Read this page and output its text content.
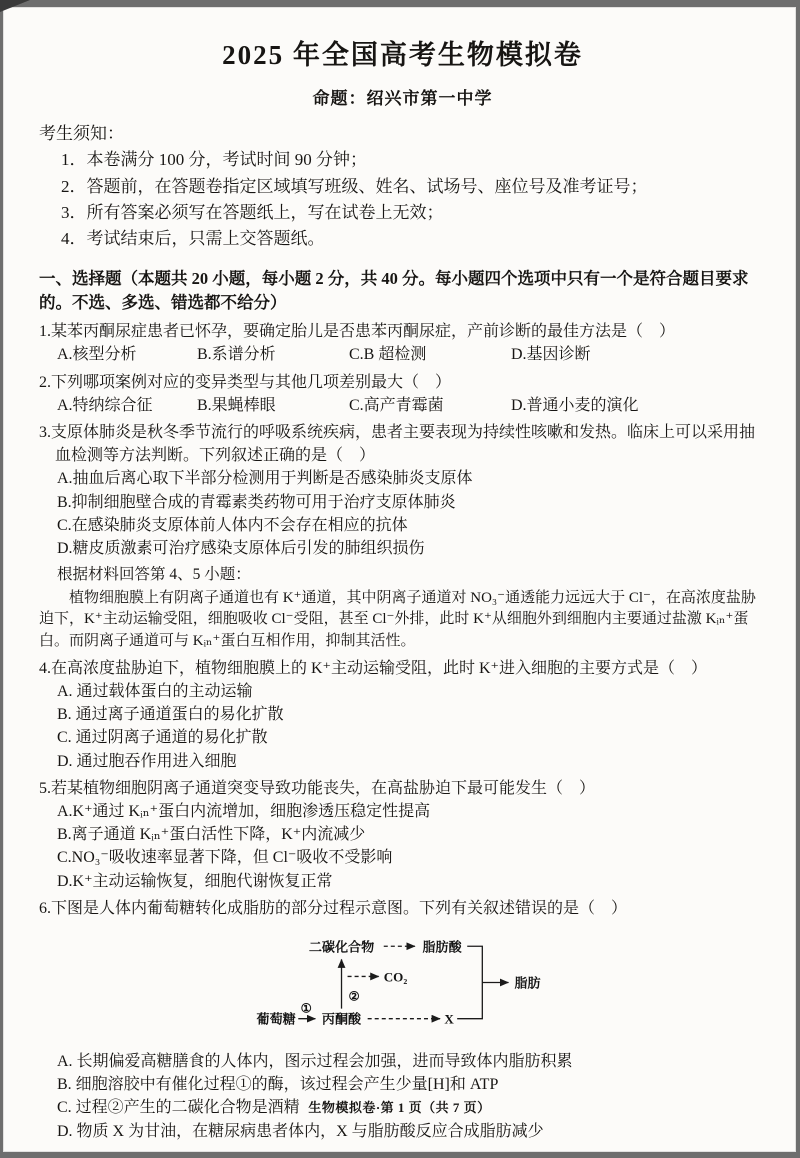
2025 年全国高考生物模拟卷
命题：绍兴市第一中学
考生须知：
1．本卷满分 100 分，考试时间 90 分钟；
2．答题前，在答题卷指定区域填写班级、姓名、试场号、座位号及准考证号；
3．所有答案必须写在答题纸上，写在试卷上无效；
4．考试结束后，只需上交答题纸。
一、选择题（本题共 20 小题，每小题 2 分，共 40 分。每小题四个选项中只有一个是符合题目要求的。不选、多选、错选都不给分）
1.某苯丙酮尿症患者已怀孕，要确定胎儿是否患苯丙酮尿症，产前诊断的最佳方法是（　）
A.核型分析	B.系谱分析	C.B 超检测	D.基因诊断
2.下列哪项案例对应的变异类型与其他几项差别最大（　）
A.特纳综合征	B.果蝇棒眼	C.高产青霉菌	D.普通小麦的演化
3.支原体肺炎是秋冬季节流行的呼吸系统疾病，患者主要表现为持续性咳嗽和发热。临床上可以采用抽血检测等方法判断。下列叙述正确的是（　）
A.抽血后离心取下半部分检测用于判断是否感染肺炎支原体
B.抑制细胞壁合成的青霉素类药物可用于治疗支原体肺炎
C.在感染肺炎支原体前人体内不会存在相应的抗体
D.糖皮质激素可治疗感染支原体后引发的肺组织损伤
根据材料回答第 4、5 小题：
植物细胞膜上有阴离子通道也有 K⁺通道，其中阴离子通道对 NO₃⁻通透能力远远大于 Cl⁻，在高浓度盐胁迫下，K⁺主动运输受阻，细胞吸收 Cl⁻受阻，甚至 Cl⁻外排，此时 K⁺从细胞外到细胞内主要通过盐激 Kᵢₙ⁺蛋白。而阴离子通道可与 Kᵢₙ⁺蛋白互相作用，抑制其活性。
4.在高浓度盐胁迫下，植物细胞膜上的 K⁺主动运输受阻，此时 K⁺进入细胞的主要方式是（　）
A. 通过载体蛋白的主动运输
B. 通过离子通道蛋白的易化扩散
C. 通过阴离子通道的易化扩散
D. 通过胞吞作用进入细胞
5.若某植物细胞阴离子通道突变导致功能丧失，在高盐胁迫下最可能发生（　）
A.K⁺通过 Kᵢₙ⁺蛋白内流增加，细胞渗透压稳定性提高
B.离子通道 Kᵢₙ⁺蛋白活性下降，K⁺内流减少
C.NO₃⁻吸收速率显著下降，但 Cl⁻吸收不受影响
D.K⁺主动运输恢复，细胞代谢恢复正常
6.下图是人体内葡萄糖转化成脂肪的部分过程示意图。下列有关叙述错误的是（　）
二碳化合物	脂肪酸
脂肪
CO₂
葡萄糖 丙酮酸	X
①
②
A. 长期偏爱高糖膳食的人体内，图示过程会加强，进而导致体内脂肪积累
B. 细胞溶胶中有催化过程①的酶，该过程会产生少量[H]和 ATP
C. 过程②产生的二碳化合物是酒精
D. 物质 X 为甘油，在糖尿病患者体内，X 与脂肪酸反应合成脂肪减少
生物模拟卷·第 1 页（共 7 页）
